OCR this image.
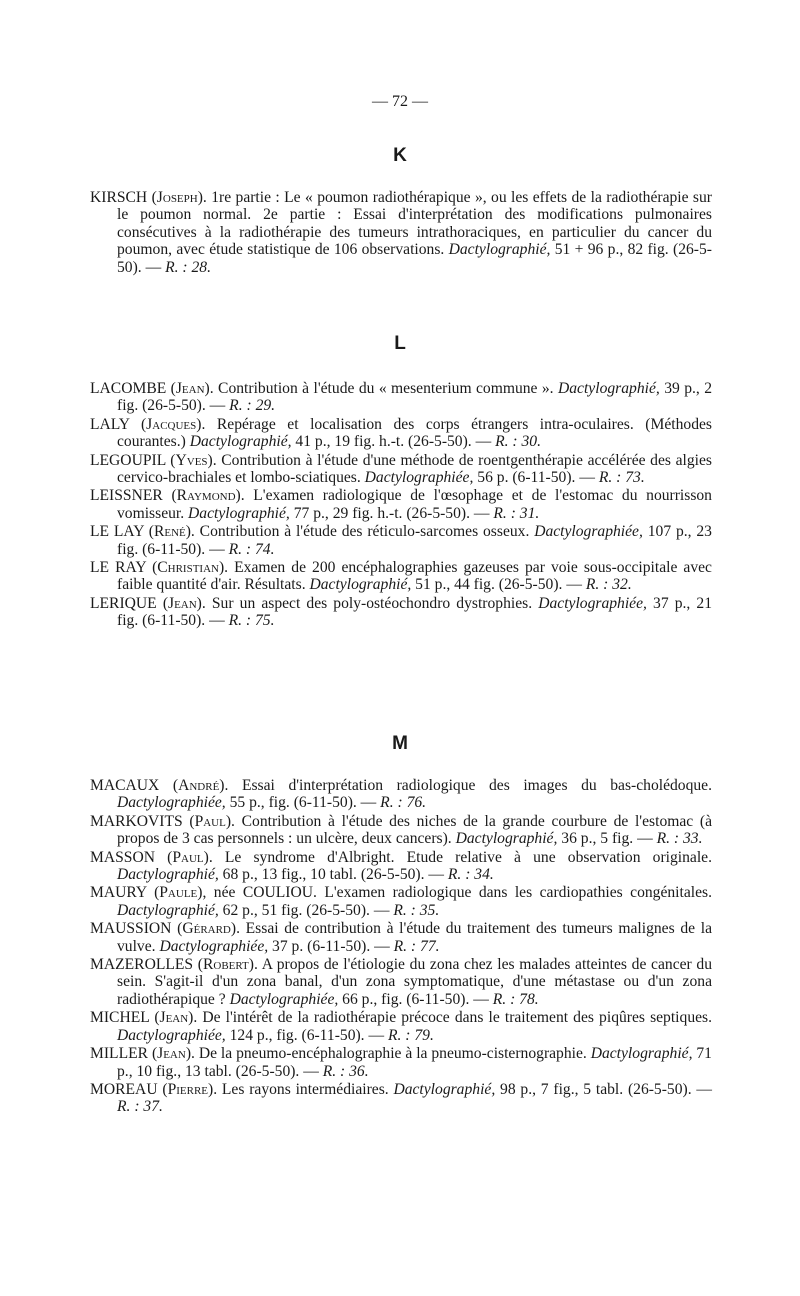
— 72 —
K

KIRSCH (Joseph). 1re partie : Le « poumon radiothérapique », ou les effets de la radiothérapie sur le poumon normal. 2e partie : Essai d'interprétation des modifications pulmonaires consécutives à la radiothérapie des tumeurs intrathoraciques, en particulier du cancer du poumon, avec étude statistique de 106 observations. Dactylographié, 51 + 96 p., 82 fig. (26-5-50). — R. : 28.

L

LACOMBE (Jean). Contribution à l'étude du « mesenterium commune ». Dactylographié, 39 p., 2 fig. (26-5-50). — R. : 29.

LALY (Jacques). Repérage et localisation des corps étrangers intra-oculaires. (Méthodes courantes.) Dactylographié, 41 p., 19 fig. h.-t. (26-5-50). — R. : 30.

LEGOUPIL (Yves). Contribution à l'étude d'une méthode de roentgenthérapie accélérée des algies cervico-brachiales et lombo-sciatiques. Dactylographiée, 56 p. (6-11-50). — R. : 73.

LEISSNER (Raymond). L'examen radiologique de l'œsophage et de l'estomac du nourrisson vomisseur. Dactylographié, 77 p., 29 fig. h.-t. (26-5-50). — R. : 31.

LE LAY (René). Contribution à l'étude des réticulo-sarcomes osseux. Dactylographiée, 107 p., 23 fig. (6-11-50). — R. : 74.

LE RAY (Christian). Examen de 200 encéphalographies gazeuses par voie sous-occipitale avec faible quantité d'air. Résultats. Dactylographié, 51 p., 44 fig. (26-5-50). — R. : 32.

LERIQUE (Jean). Sur un aspect des poly-ostéochondro dystrophies. Dactylographiée, 37 p., 21 fig. (6-11-50). — R. : 75.

M

MACAUX (André). Essai d'interprétation radiologique des images du bas-cholédoque. Dactylographiée, 55 p., fig. (6-11-50). — R. : 76.

MARKOVITS (Paul). Contribution à l'étude des niches de la grande courbure de l'estomac (à propos de 3 cas personnels : un ulcère, deux cancers). Dactylographié, 36 p., 5 fig. — R. : 33.

MASSON (Paul). Le syndrome d'Albright. Etude relative à une observation originale. Dactylographié, 68 p., 13 fig., 10 tabl. (26-5-50). — R. : 34.

MAURY (Paule), née COULIOU. L'examen radiologique dans les cardiopathies congénitales. Dactylographié, 62 p., 51 fig. (26-5-50). — R. : 35.

MAUSSION (Gérard). Essai de contribution à l'étude du traitement des tumeurs malignes de la vulve. Dactylographiée, 37 p. (6-11-50). — R. : 77.

MAZEROLLES (Robert). A propos de l'étiologie du zona chez les malades atteintes de cancer du sein. S'agit-il d'un zona banal, d'un zona symptomatique, d'une métastase ou d'un zona radiothérapique ? Dactylographiée, 66 p., fig. (6-11-50). — R. : 78.

MICHEL (Jean). De l'intérêt de la radiothérapie précoce dans le traitement des piqûres septiques. Dactylographiée, 124 p., fig. (6-11-50). — R. : 79.

MILLER (Jean). De la pneumo-encéphalographie à la pneumo-cisternographie. Dactylographié, 71 p., 10 fig., 13 tabl. (26-5-50). — R. : 36.

MOREAU (Pierre). Les rayons intermédiaires. Dactylographié, 98 p., 7 fig., 5 tabl. (26-5-50). — R. : 37.
